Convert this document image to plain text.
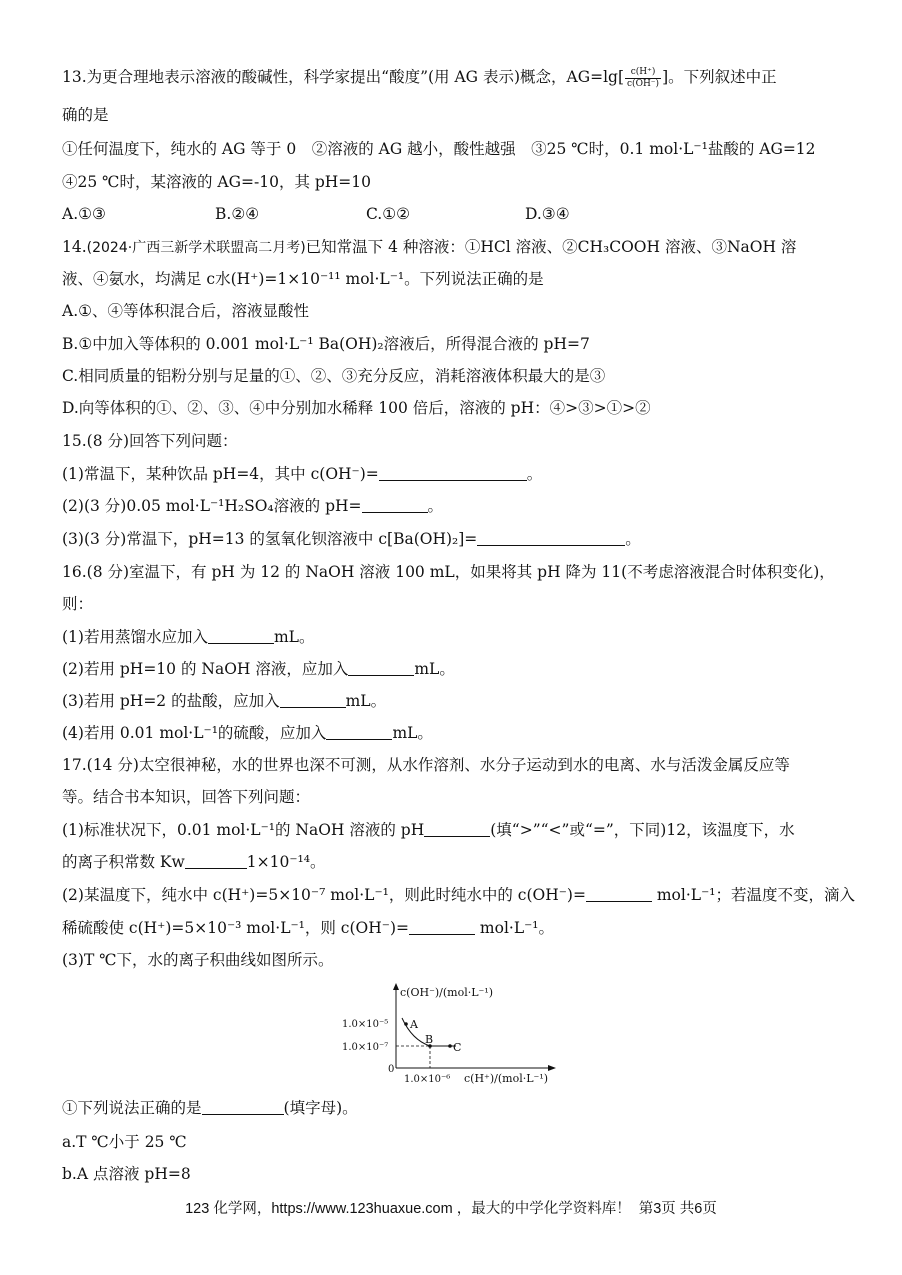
13.为更合理地表示溶液的酸碱性，科学家提出“酸度”(用 AG 表示)概念，$AG=\lg[ \frac{c(H^+)}{c(OH^-)}$ ]。下列叙述中正
确的是
①任何温度下，纯水的 AG 等于 0　②溶液的 AG 越小，酸性越强　③25 ℃时，0.1 mol·L⁻¹盐酸的 AG=12
④25 ℃时，某溶液的 AG=-10，其 pH=10
A.①③	B.②④	C.①②	D.③④
14.(2024·广西三新学术联盟高二月考)已知常温下 4 种溶液：①HCl 溶液、②CH₃COOH 溶液、③NaOH 溶
液、④氨水，均满足 c水(H⁺)=1×10⁻¹¹ mol·L⁻¹。下列说法正确的是
A.①、④等体积混合后，溶液显酸性
B.①中加入等体积的 0.001 mol·L⁻¹ Ba(OH)₂溶液后，所得混合液的 pH=7
C.相同质量的铝粉分别与足量的①、②、③充分反应，消耗溶液体积最大的是③
D.向等体积的①、②、③、④中分别加水稀释 100 倍后，溶液的 pH：④>③>①>②
15.(8 分)回答下列问题：
(1)常温下，某种饮品 pH=4，其中 c(OH⁻)=	。
(2)(3 分)0.05 mol·L⁻¹H₂SO₄溶液的 pH=	。
(3)(3 分)常温下，pH=13 的氢氧化钡溶液中 c[Ba(OH)₂]=	。
16.(8 分)室温下，有 pH 为 12 的 NaOH 溶液 100 mL，如果将其 pH 降为 11(不考虑溶液混合时体积变化)，
则：
(1)若用蒸馏水应加入	mL。
(2)若用 pH=10 的 NaOH 溶液，应加入	mL。
(3)若用 pH=2 的盐酸，应加入	mL。
(4)若用 0.01 mol·L⁻¹的硫酸，应加入	mL。
17.(14 分)太空很神秘，水的世界也深不可测，从水作溶剂、水分子运动到水的电离、水与活泼金属反应等
等。结合书本知识，回答下列问题：
(1)标准状况下，0.01 mol·L⁻¹的 NaOH 溶液的 pH	(填“>”“<”或“=”，下同)12，该温度下，水
的离子积常数 Kw	1×10⁻¹⁴。
(2)某温度下，纯水中 c(H⁺)=5×10⁻⁷ mol·L⁻¹，则此时纯水中的 c(OH⁻)=	mol·L⁻¹；若温度不变，滴入
稀硫酸使 c(H⁺)=5×10⁻³ mol·L⁻¹，则 c(OH⁻)=	mol·L⁻¹。
(3)T ℃下，水的离子积曲线如图所示。
c(OH⁻)/(mol·L⁻¹)
c(H⁺)/(mol·L⁻¹)
1.0×10⁻⁵
1.0×10⁻⁷
1.0×10⁻⁶
0
A
B
C
①下列说法正确的是	(填字母)。
a.T ℃小于 25 ℃
b.A 点溶液 pH=8
123 化学网，https://www.123huaxue.com ，最大的中学化学资料库！ 第3页 共6页
